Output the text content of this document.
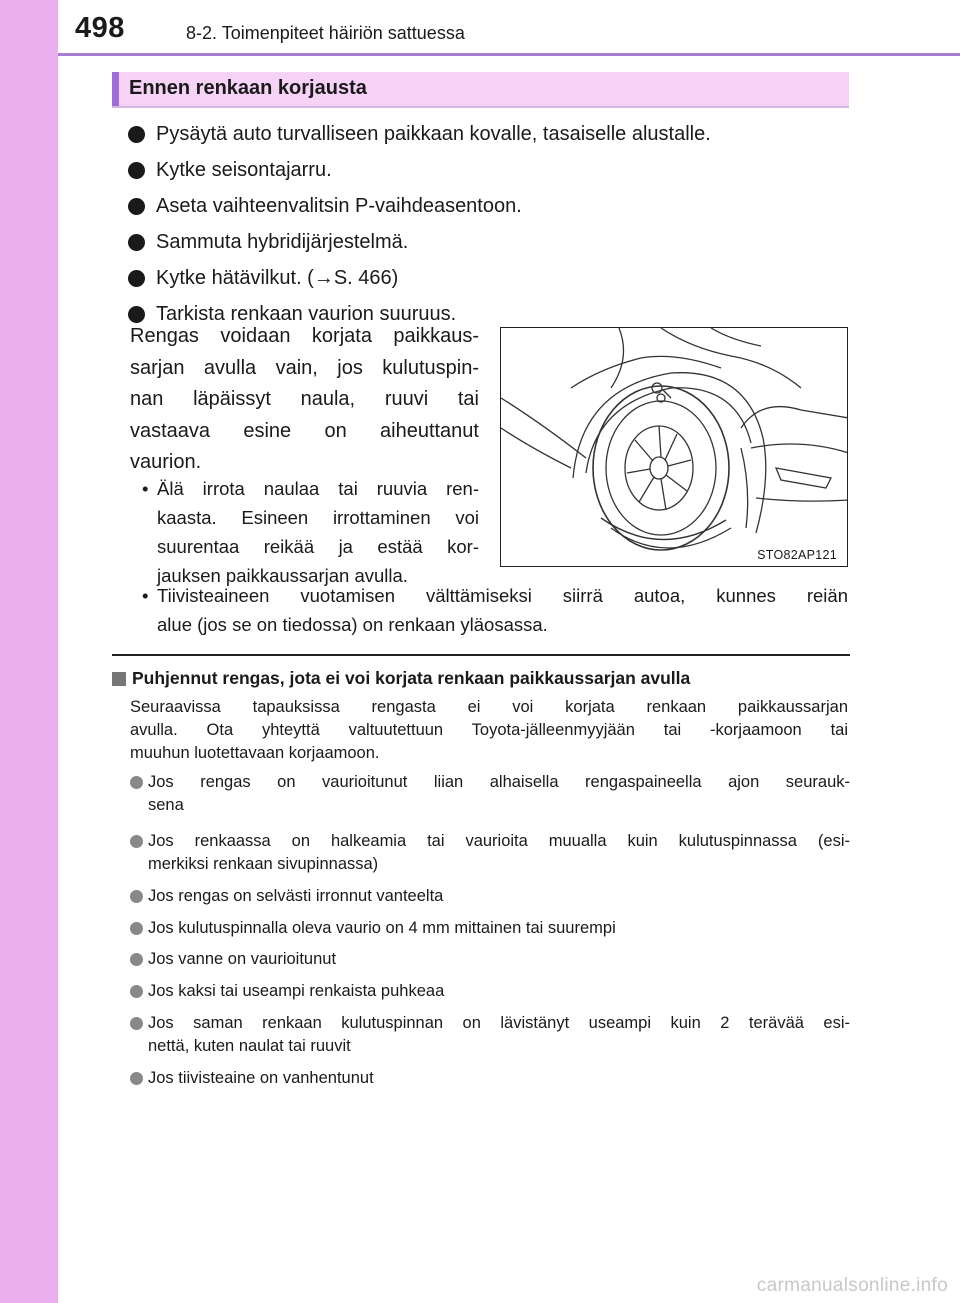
498	8-2. Toimenpiteet häiriön sattuessa
Ennen renkaan korjausta
Pysäytä auto turvalliseen paikkaan kovalle, tasaiselle alustalle.
Kytke seisontajarru.
Aseta vaihteenvalitsin P-vaihdeasentoon.
Sammuta hybridijärjestelmä.
Kytke hätävilkut. (→S. 466)
Tarkista renkaan vaurion suuruus.
Rengas voidaan korjata paikkaus-
sarjan avulla vain, jos kulutuspin-
nan läpäissyt naula, ruuvi tai
vastaava esine on aiheuttanut
vaurion.
• Älä irrota naulaa tai ruuvia ren-
kaasta. Esineen irrottaminen voi
suurentaa reikää ja estää kor-
jauksen paikkaussarjan avulla.
• Tiivisteaineen vuotamisen välttämiseksi siirrä autoa, kunnes reiän
alue (jos se on tiedossa) on renkaan yläosassa.
STO82AP121
Puhjennut rengas, jota ei voi korjata renkaan paikkaussarjan avulla
Seuraavissa tapauksissa rengasta ei voi korjata renkaan paikkaussarjan
avulla. Ota yhteyttä valtuutettuun Toyota-jälleenmyyjään tai -korjaamoon tai
muuhun luotettavaan korjaamoon.
Jos rengas on vaurioitunut liian alhaisella rengaspaineella ajon seurauk-
sena
Jos renkaassa on halkeamia tai vaurioita muualla kuin kulutuspinnassa (esi-
merkiksi renkaan sivupinnassa)
Jos rengas on selvästi irronnut vanteelta
Jos kulutuspinnalla oleva vaurio on 4 mm mittainen tai suurempi
Jos vanne on vaurioitunut
Jos kaksi tai useampi renkaista puhkeaa
Jos saman renkaan kulutuspinnan on lävistänyt useampi kuin 2 terävää esi-
nettä, kuten naulat tai ruuvit
Jos tiivisteaine on vanhentunut
carmanualsonline.info
